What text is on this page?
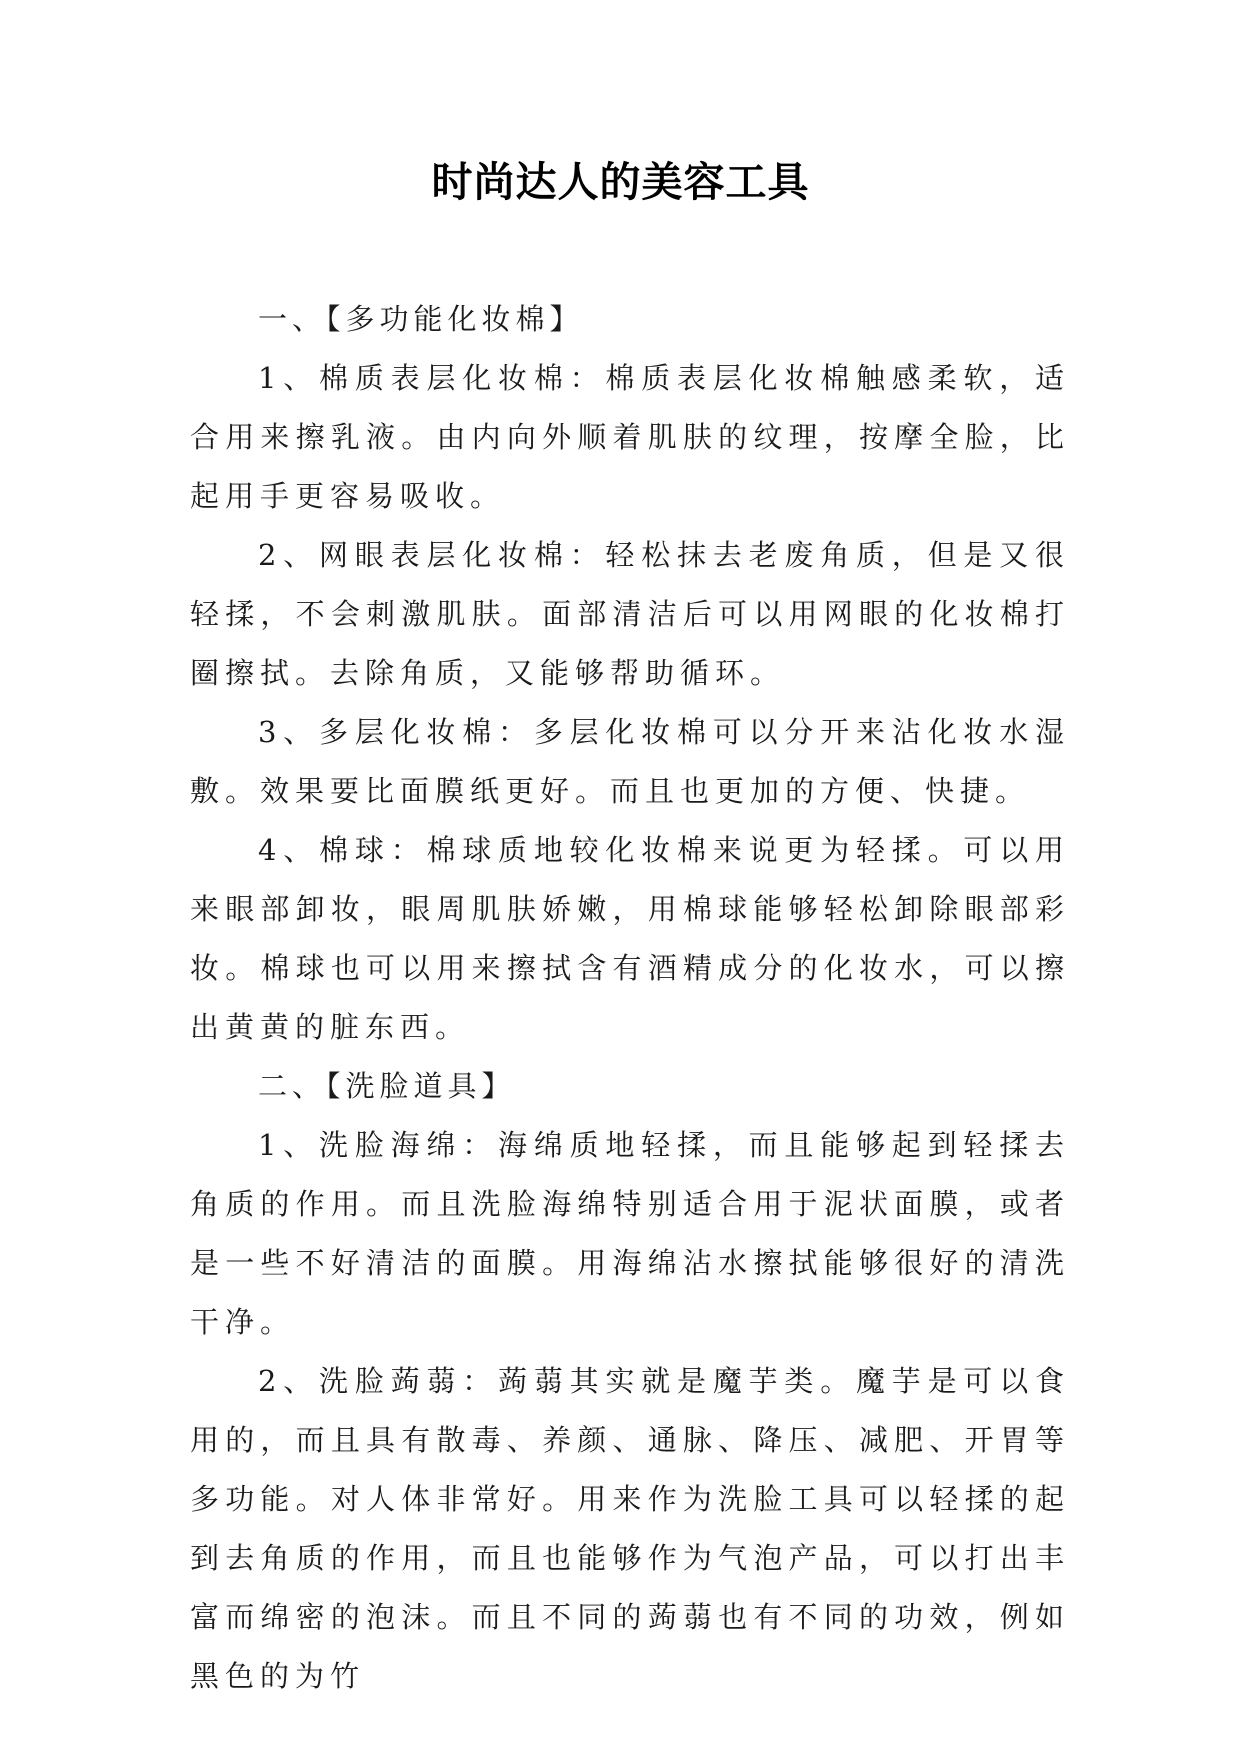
时尚达人的美容工具

一、【多功能化妆棉】

1、棉质表层化妆棉：棉质表层化妆棉触感柔软，适合用来擦乳液。由内向外顺着肌肤的纹理，按摩全脸，比起用手更容易吸收。

2、网眼表层化妆棉：轻松抹去老废角质，但是又很轻揉，不会刺激肌肤。面部清洁后可以用网眼的化妆棉打圈擦拭。去除角质，又能够帮助循环。

3、多层化妆棉：多层化妆棉可以分开来沾化妆水湿敷。效果要比面膜纸更好。而且也更加的方便、快捷。

4、棉球：棉球质地较化妆棉来说更为轻揉。可以用来眼部卸妆，眼周肌肤娇嫩，用棉球能够轻松卸除眼部彩妆。棉球也可以用来擦拭含有酒精成分的化妆水，可以擦出黄黄的脏东西。

二、【洗脸道具】

1、洗脸海绵：海绵质地轻揉，而且能够起到轻揉去角质的作用。而且洗脸海绵特别适合用于泥状面膜，或者是一些不好清洁的面膜。用海绵沾水擦拭能够很好的清洗干净。

2、洗脸蒟蒻：蒟蒻其实就是魔芋类。魔芋是可以食用的，而且具有散毒、养颜、通脉、降压、减肥、开胃等多功能。对人体非常好。用来作为洗脸工具可以轻揉的起到去角质的作用，而且也能够作为气泡产品，可以打出丰富而绵密的泡沫。而且不同的蒟蒻也有不同的功效，例如黑色的为竹
